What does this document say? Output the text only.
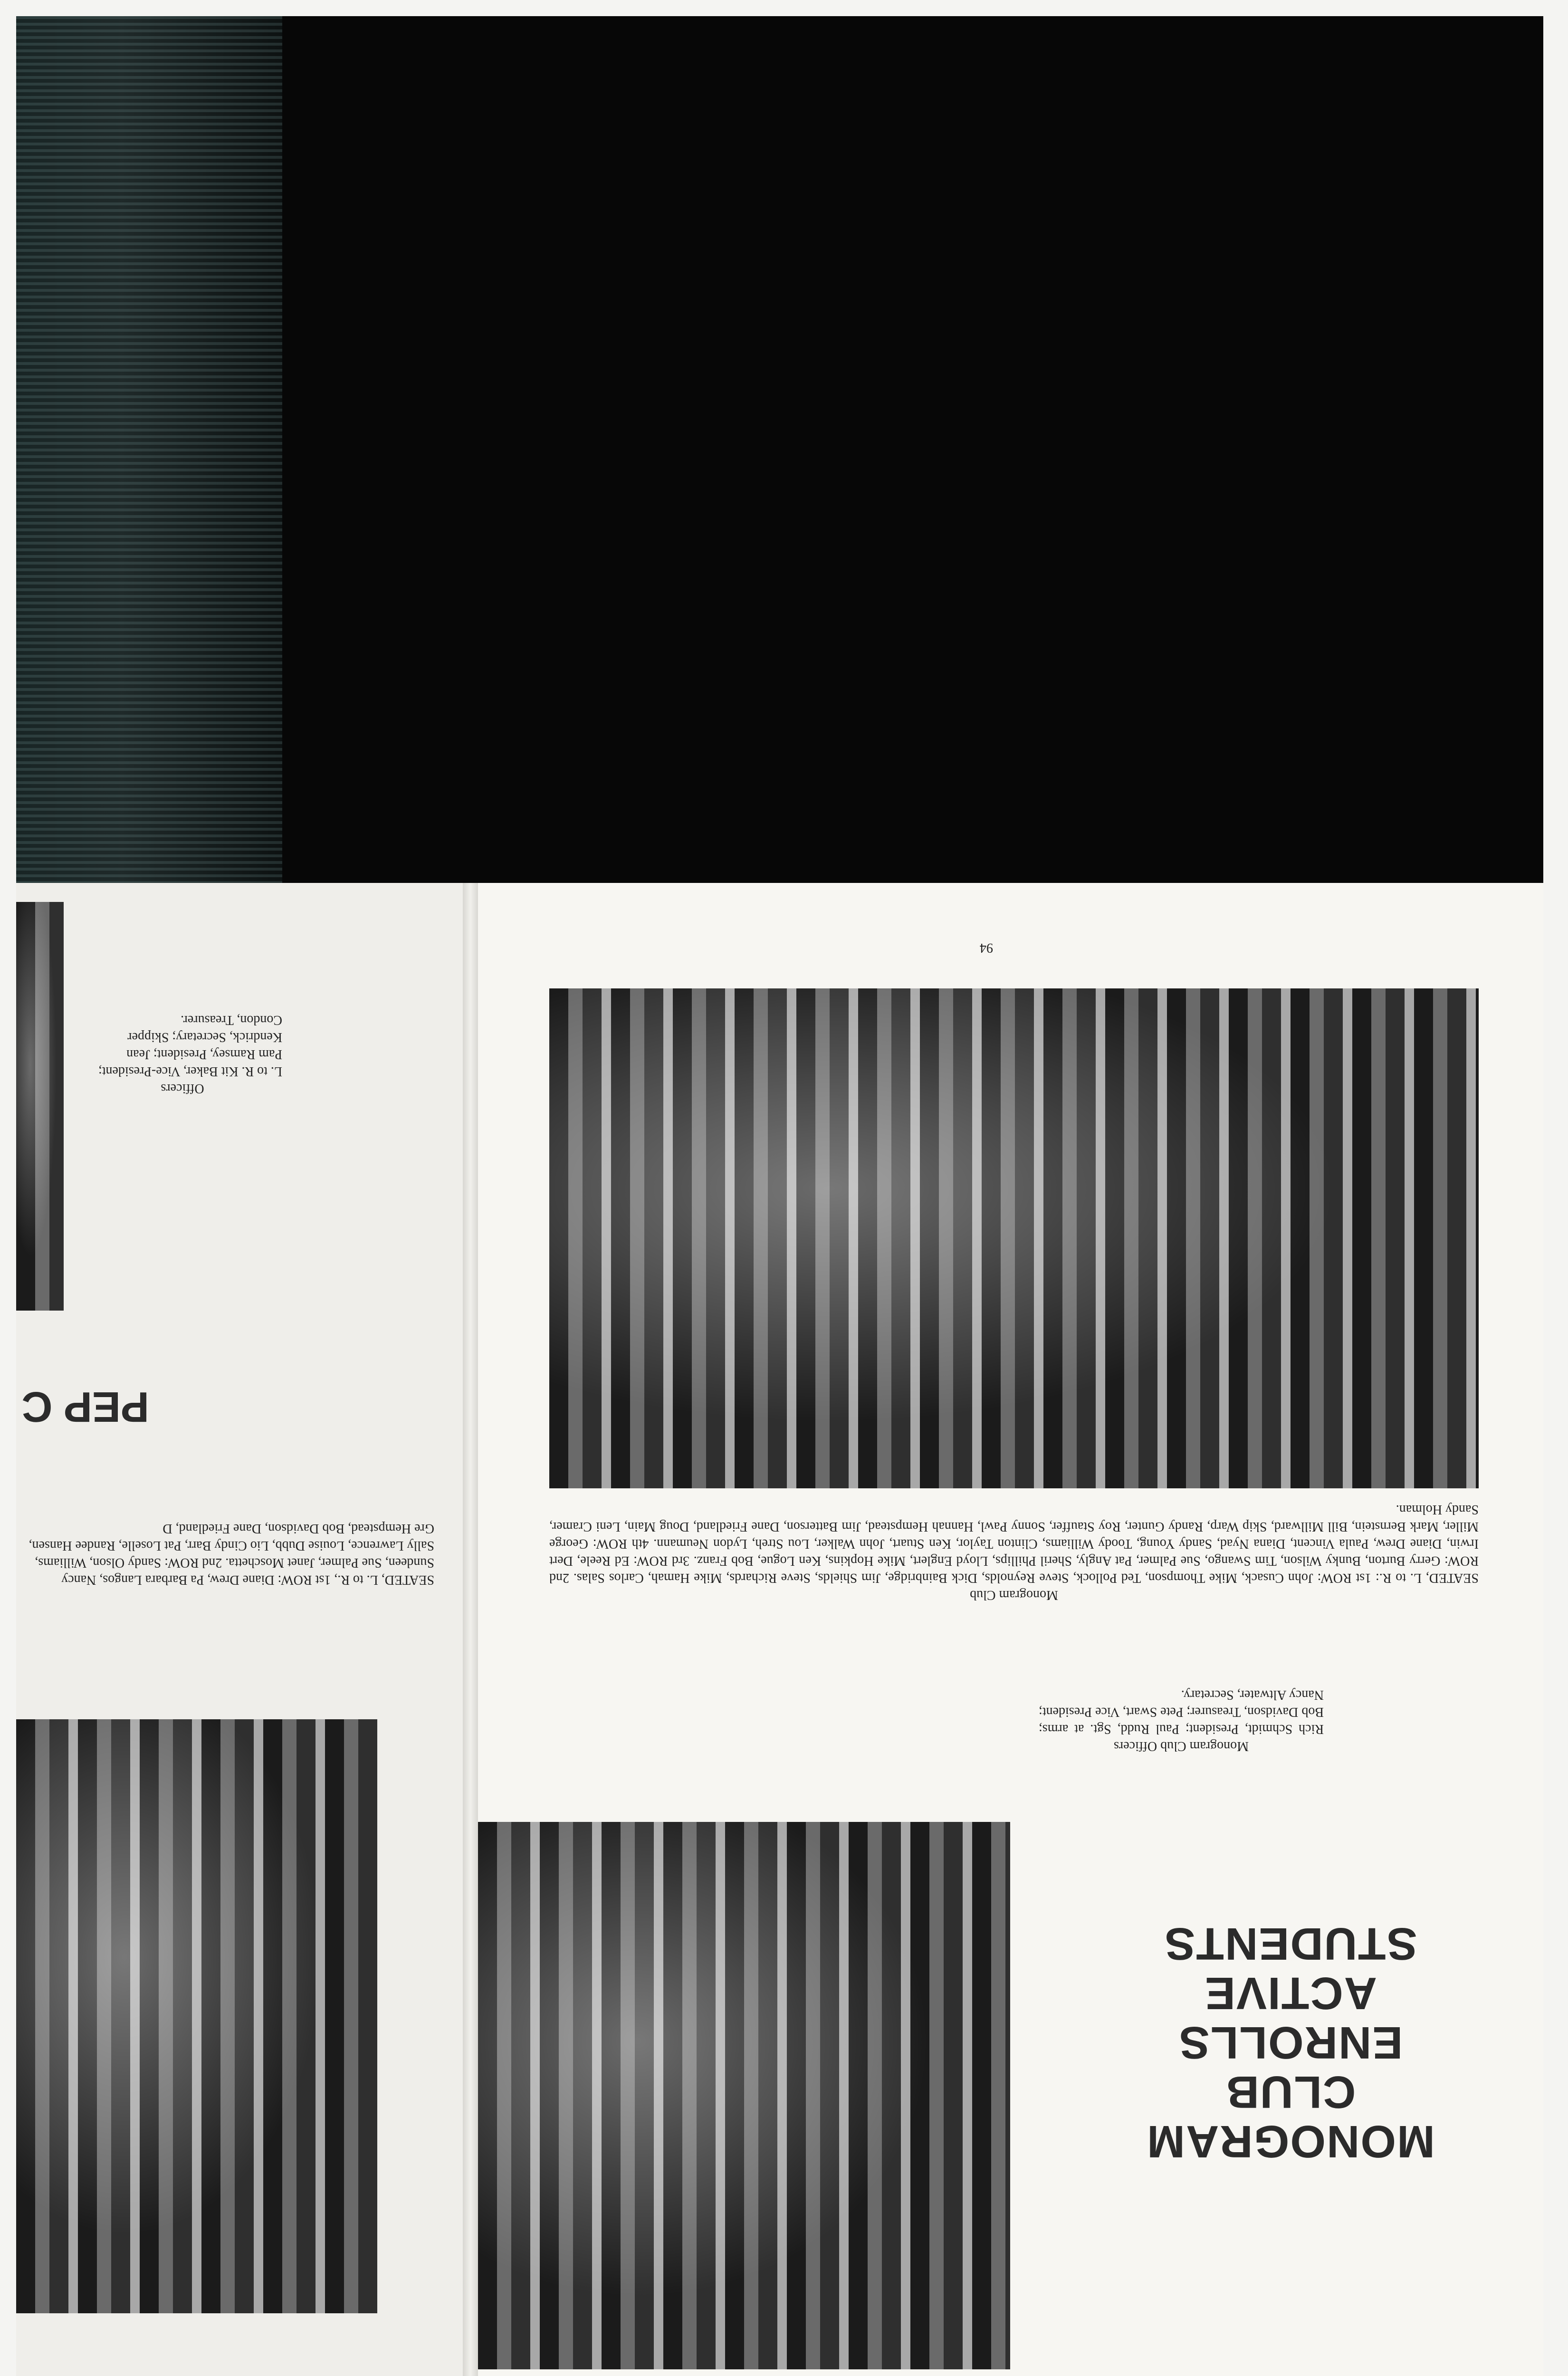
Officers
L. to R. Kit Baker, Vice-President; Pam Ramsey, President; Jean Kendrick, Secretary; Skipper Condon, Treasurer.
PEP C
SEATED, L. to R., 1st ROW: Diane Drew, Pa Barbara Langos, Nancy Sundeen, Sue Palmer, Janet Moschetta. 2nd ROW: Sandy Olson, Williams, Sally Lawrence, Louise Dubb, Lio Cindy Barr, Pat Loselle, Randee Hansen, Gre Hempstead, Bob Davidson, Dane Friedland, D
94
Monogram Club
SEATED, L. to R.: 1st ROW: John Cusack, Mike Thompson, Ted Pollock, Steve Reynolds, Dick Bainbridge, Jim Shields, Steve Richards, Mike Hamah, Carlos Salas. 2nd ROW: Gerry Burton, Bunky Wilson, Tim Swango, Sue Palmer, Pat Angly, Sheril Phillips, Lloyd Englert, Mike Hopkins, Ken Logue, Bob Franz. 3rd ROW: Ed Reele, Dert Irwin, Diane Drew, Paula Vincent, Diana Nyad, Sandy Young, Toody Williams, Clinton Taylor, Ken Stuart, John Walker, Lou Streh, Lydon Neumann. 4th ROW: George Miller, Mark Bernstein, Bill Millward, Skip Warp, Randy Gunter, Roy Stauffer, Sonny Pawl, Hannah Hempstead, Jim Batterson, Dane Friedland, Doug Main, Leni Cramer, Sandy Holman.
Monogram Club Officers
Rich Schmidt, President; Paul Rudd, Sgt. at arms; Bob Davidson, Treasurer; Pete Swart, Vice President; Nancy Altwater, Secretary.
MONOGRAM
CLUB
ENROLLS
ACTIVE
STUDENTS
